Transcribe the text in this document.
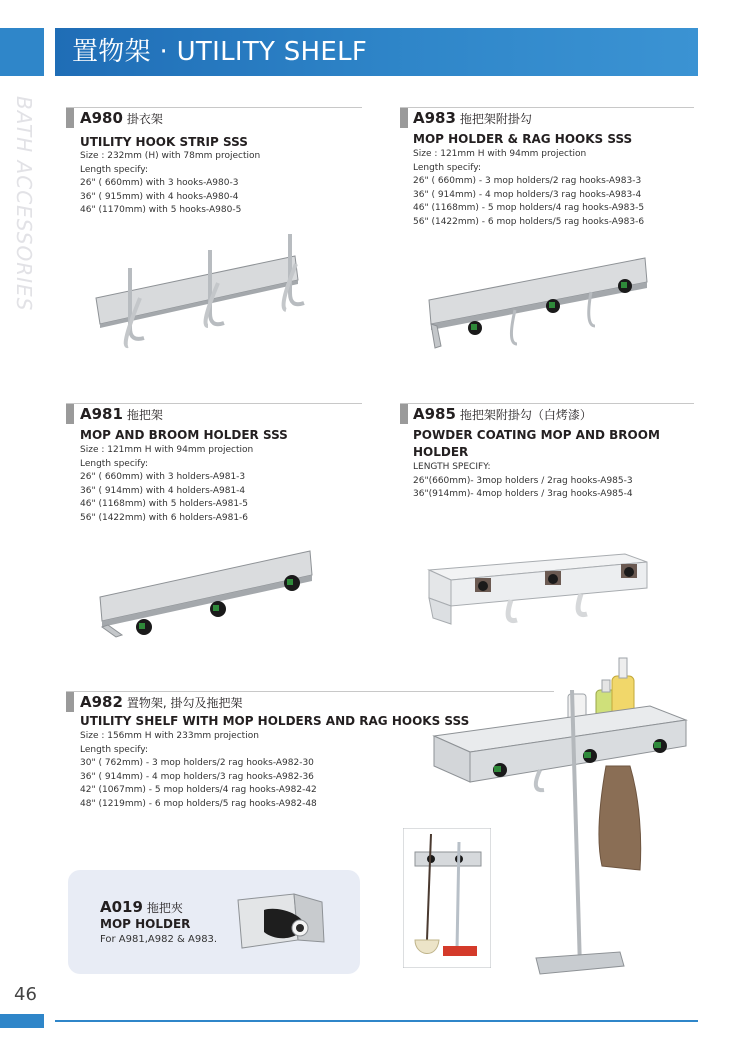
置物架 · UTILITY SHELF
BATH ACCESSORIES	A980 掛衣架
UTILITY HOOK STRIP SSS
Size : 232mm (H) with 78mm projection
Length specify:
26" ( 660mm) with 3 hooks-A980-3
36" ( 915mm) with 4 hooks-A980-4
46" (1170mm) with 5 hooks-A980-5
A983 拖把架附掛勾
MOP HOLDER & RAG HOOKS SSS
Size : 121mm H with 94mm projection
Length specify:
26" ( 660mm) - 3 mop holders/2 rag hooks-A983-3
36" ( 914mm) - 4 mop holders/3 rag hooks-A983-4
46" (1168mm) - 5 mop holders/4 rag hooks-A983-5
56" (1422mm) - 6 mop holders/5 rag hooks-A983-6
A981 拖把架
MOP AND BROOM HOLDER SSS
Size : 121mm H with 94mm projection
Length specify:
26" ( 660mm) with 3 holders-A981-3
36" ( 914mm) with 4 holders-A981-4
46" (1168mm) with 5 holders-A981-5
56" (1422mm) with 6 holders-A981-6
A985 拖把架附掛勾（白烤漆）
POWDER COATING MOP AND BROOM
HOLDER
LENGTH SPECIFY:
26"(660mm)- 3mop holders / 2rag hooks-A985-3
36"(914mm)- 4mop holders / 3rag hooks-A985-4
A982 置物架, 掛勾及拖把架
UTILITY SHELF WITH MOP HOLDERS AND RAG HOOKS SSS
Size : 156mm H with 233mm projection
Length specify:
30" ( 762mm) - 3 mop holders/2 rag hooks-A982-30
36" ( 914mm) - 4 mop holders/3 rag hooks-A982-36
42" (1067mm) - 5 mop holders/4 rag hooks-A982-42
48" (1219mm) - 6 mop holders/5 rag hooks-A982-48
A019 拖把夾
MOP HOLDER
For A981,A982 & A983.
46
